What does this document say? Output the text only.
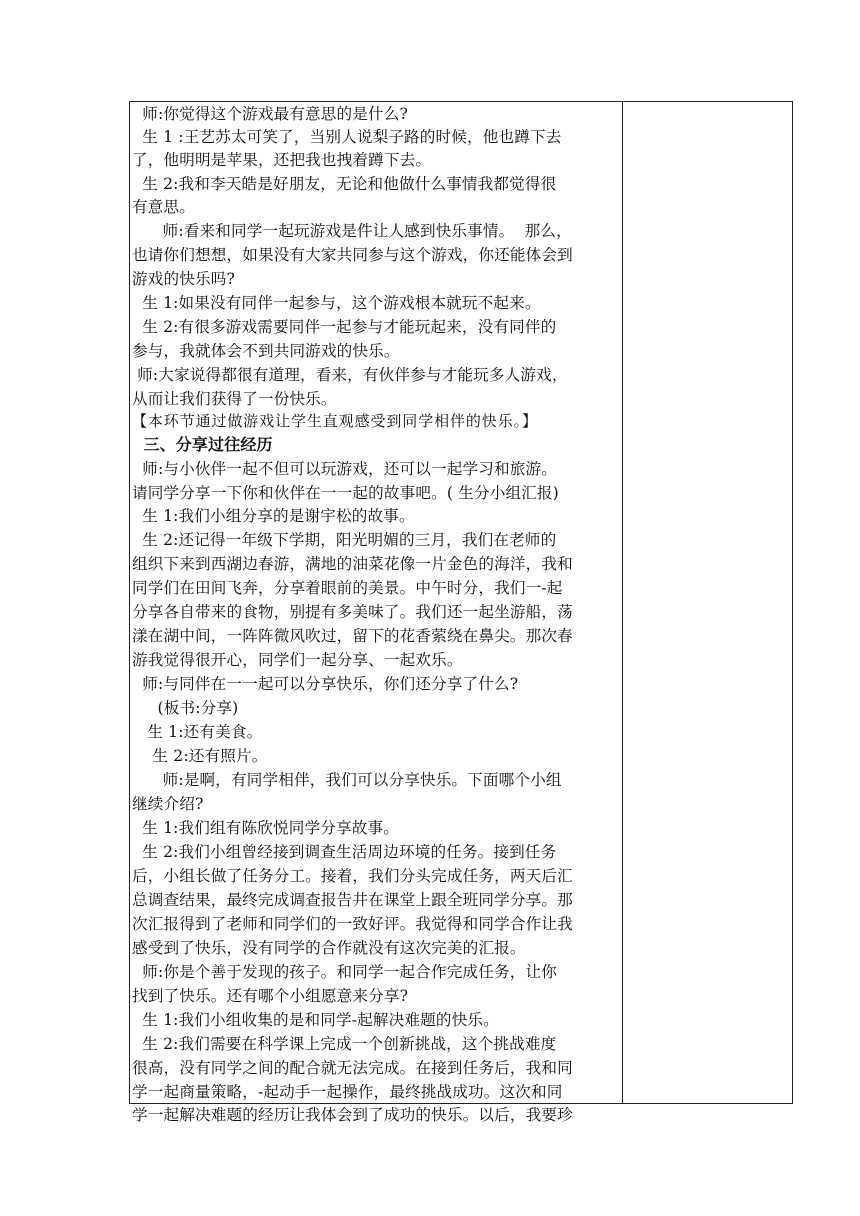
师:你觉得这个游戏最有意思的是什么?
生 1 :王艺苏太可笑了，当别人说梨子路的时候，他也蹲下去
了，他明明是苹果，还把我也拽着蹲下去。
生 2:我和李天皓是好朋友，无论和他做什么事情我都觉得很
有意思。
师:看来和同学一起玩游戏是件让人感到快乐事情。  那么，
也请你们想想，如果没有大家共同参与这个游戏，你还能体会到
游戏的快乐吗?
生 1:如果没有同伴一起参与，这个游戏根本就玩不起来。
生 2:有很多游戏需要同伴一起参与才能玩起来，没有同伴的
参与，我就体会不到共同游戏的快乐。
师:大家说得都很有道理，看来，有伙伴参与才能玩多人游戏，
从而让我们获得了一份快乐。
【本环节通过做游戏让学生直观感受到同学相伴的快乐。】
三、分享过往经历
师:与小伙伴一起不但可以玩游戏，还可以一起学习和旅游。
请同学分享一下你和伙伴在一一起的故事吧。( 生分小组汇报)
生 1:我们小组分享的是谢宇松的故事。
生 2:还记得一年级下学期，阳光明媚的三月，我们在老师的
组织下来到西湖边春游，满地的油菜花像一片金色的海洋，我和
同学们在田间飞奔，分享着眼前的美景。中午时分，我们一-起
分享各自带来的食物，别提有多美味了。我们还一起坐游船，荡
漾在湖中间，一阵阵微风吹过，留下的花香萦绕在鼻尖。那次春
游我觉得很开心，同学们一起分享、一起欢乐。
师:与同伴在一一起可以分享快乐，你们还分享了什么?
(板书:分享)
生 1:还有美食。
生 2:还有照片。
师:是啊，有同学相伴，我们可以分享快乐。下面哪个小组
继续介绍?
生 1:我们组有陈欣悦同学分享故事。
生 2:我们小组曾经接到调查生活周边环境的任务。接到任务
后，小组长做了任务分工。接着，我们分头完成任务，两天后汇
总调查结果，最终完成调查报告井在课堂上跟全班同学分享。那
次汇报得到了老师和同学们的一致好评。我觉得和同学合作让我
感受到了快乐，没有同学的合作就没有这次完美的汇报。
师:你是个善于发现的孩子。和同学一起合作完成任务，让你
找到了快乐。还有哪个小组愿意来分享?
生 1:我们小组收集的是和同学-起解决难题的快乐。
生 2:我们需要在科学课上完成一个创新挑战，这个挑战难度
很高，没有同学之间的配合就无法完成。在接到任务后，我和同
学一起商量策略，-起动手一起操作，最终挑战成功。这次和同
学一起解决难题的经历让我体会到了成功的快乐。以后，我要珍
